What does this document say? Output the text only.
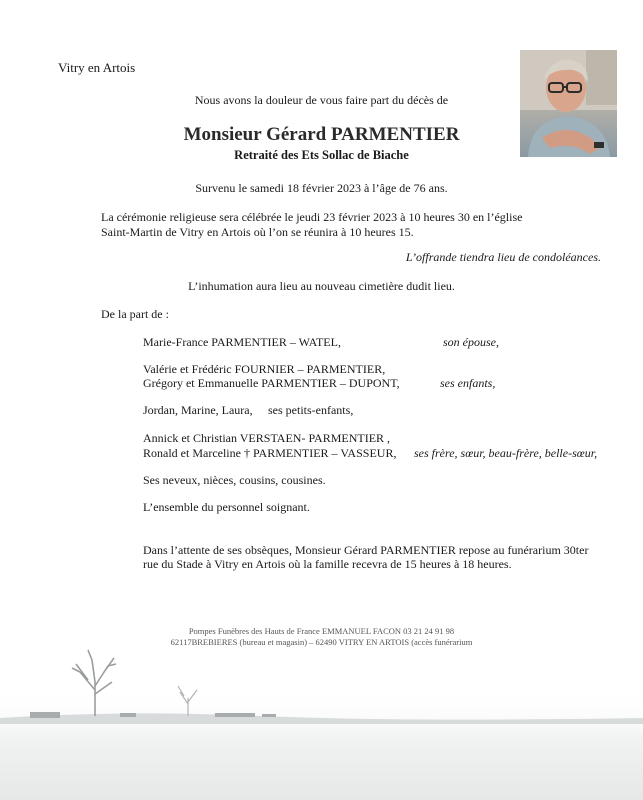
Vitry en Artois
Nous avons la douleur de vous faire part du décès de
Monsieur Gérard PARMENTIER
Retraité des Ets Sollac de Biache
Survenu le samedi 18 février 2023 à l’âge de 76 ans.
La cérémonie religieuse sera célébrée le jeudi 23 février 2023 à 10 heures 30 en l’église
Saint-Martin de Vitry en Artois où l’on se réunira à 10 heures 15.
L’offrande tiendra lieu de condoléances.
L’inhumation aura lieu au nouveau cimetière dudit lieu.
De la part de :
Marie-France PARMENTIER – WATEL,	son épouse,
Valérie et Frédéric FOURNIER – PARMENTIER,
Grégory et Emmanuelle PARMENTIER – DUPONT,	ses enfants,
Jordan, Marine, Laura, ses petits-enfants,
Annick et Christian VERSTAEN- PARMENTIER ,
Ronald et Marceline † PARMENTIER – VASSEUR, ses frère, sœur, beau-frère, belle-sœur,
Ses neveux, nièces, cousins, cousines.
L’ensemble du personnel soignant.
Dans l’attente de ses obsèques, Monsieur Gérard PARMENTIER repose au funérarium 30ter
rue du Stade à Vitry en Artois où la famille recevra de 15 heures à 18 heures.
Pompes Funèbres des Hauts de France EMMANUEL FACON 03 21 24 91 98
62117BREBIERES (bureau et magasin) – 62490 VITRY EN ARTOIS (accès funérarium
